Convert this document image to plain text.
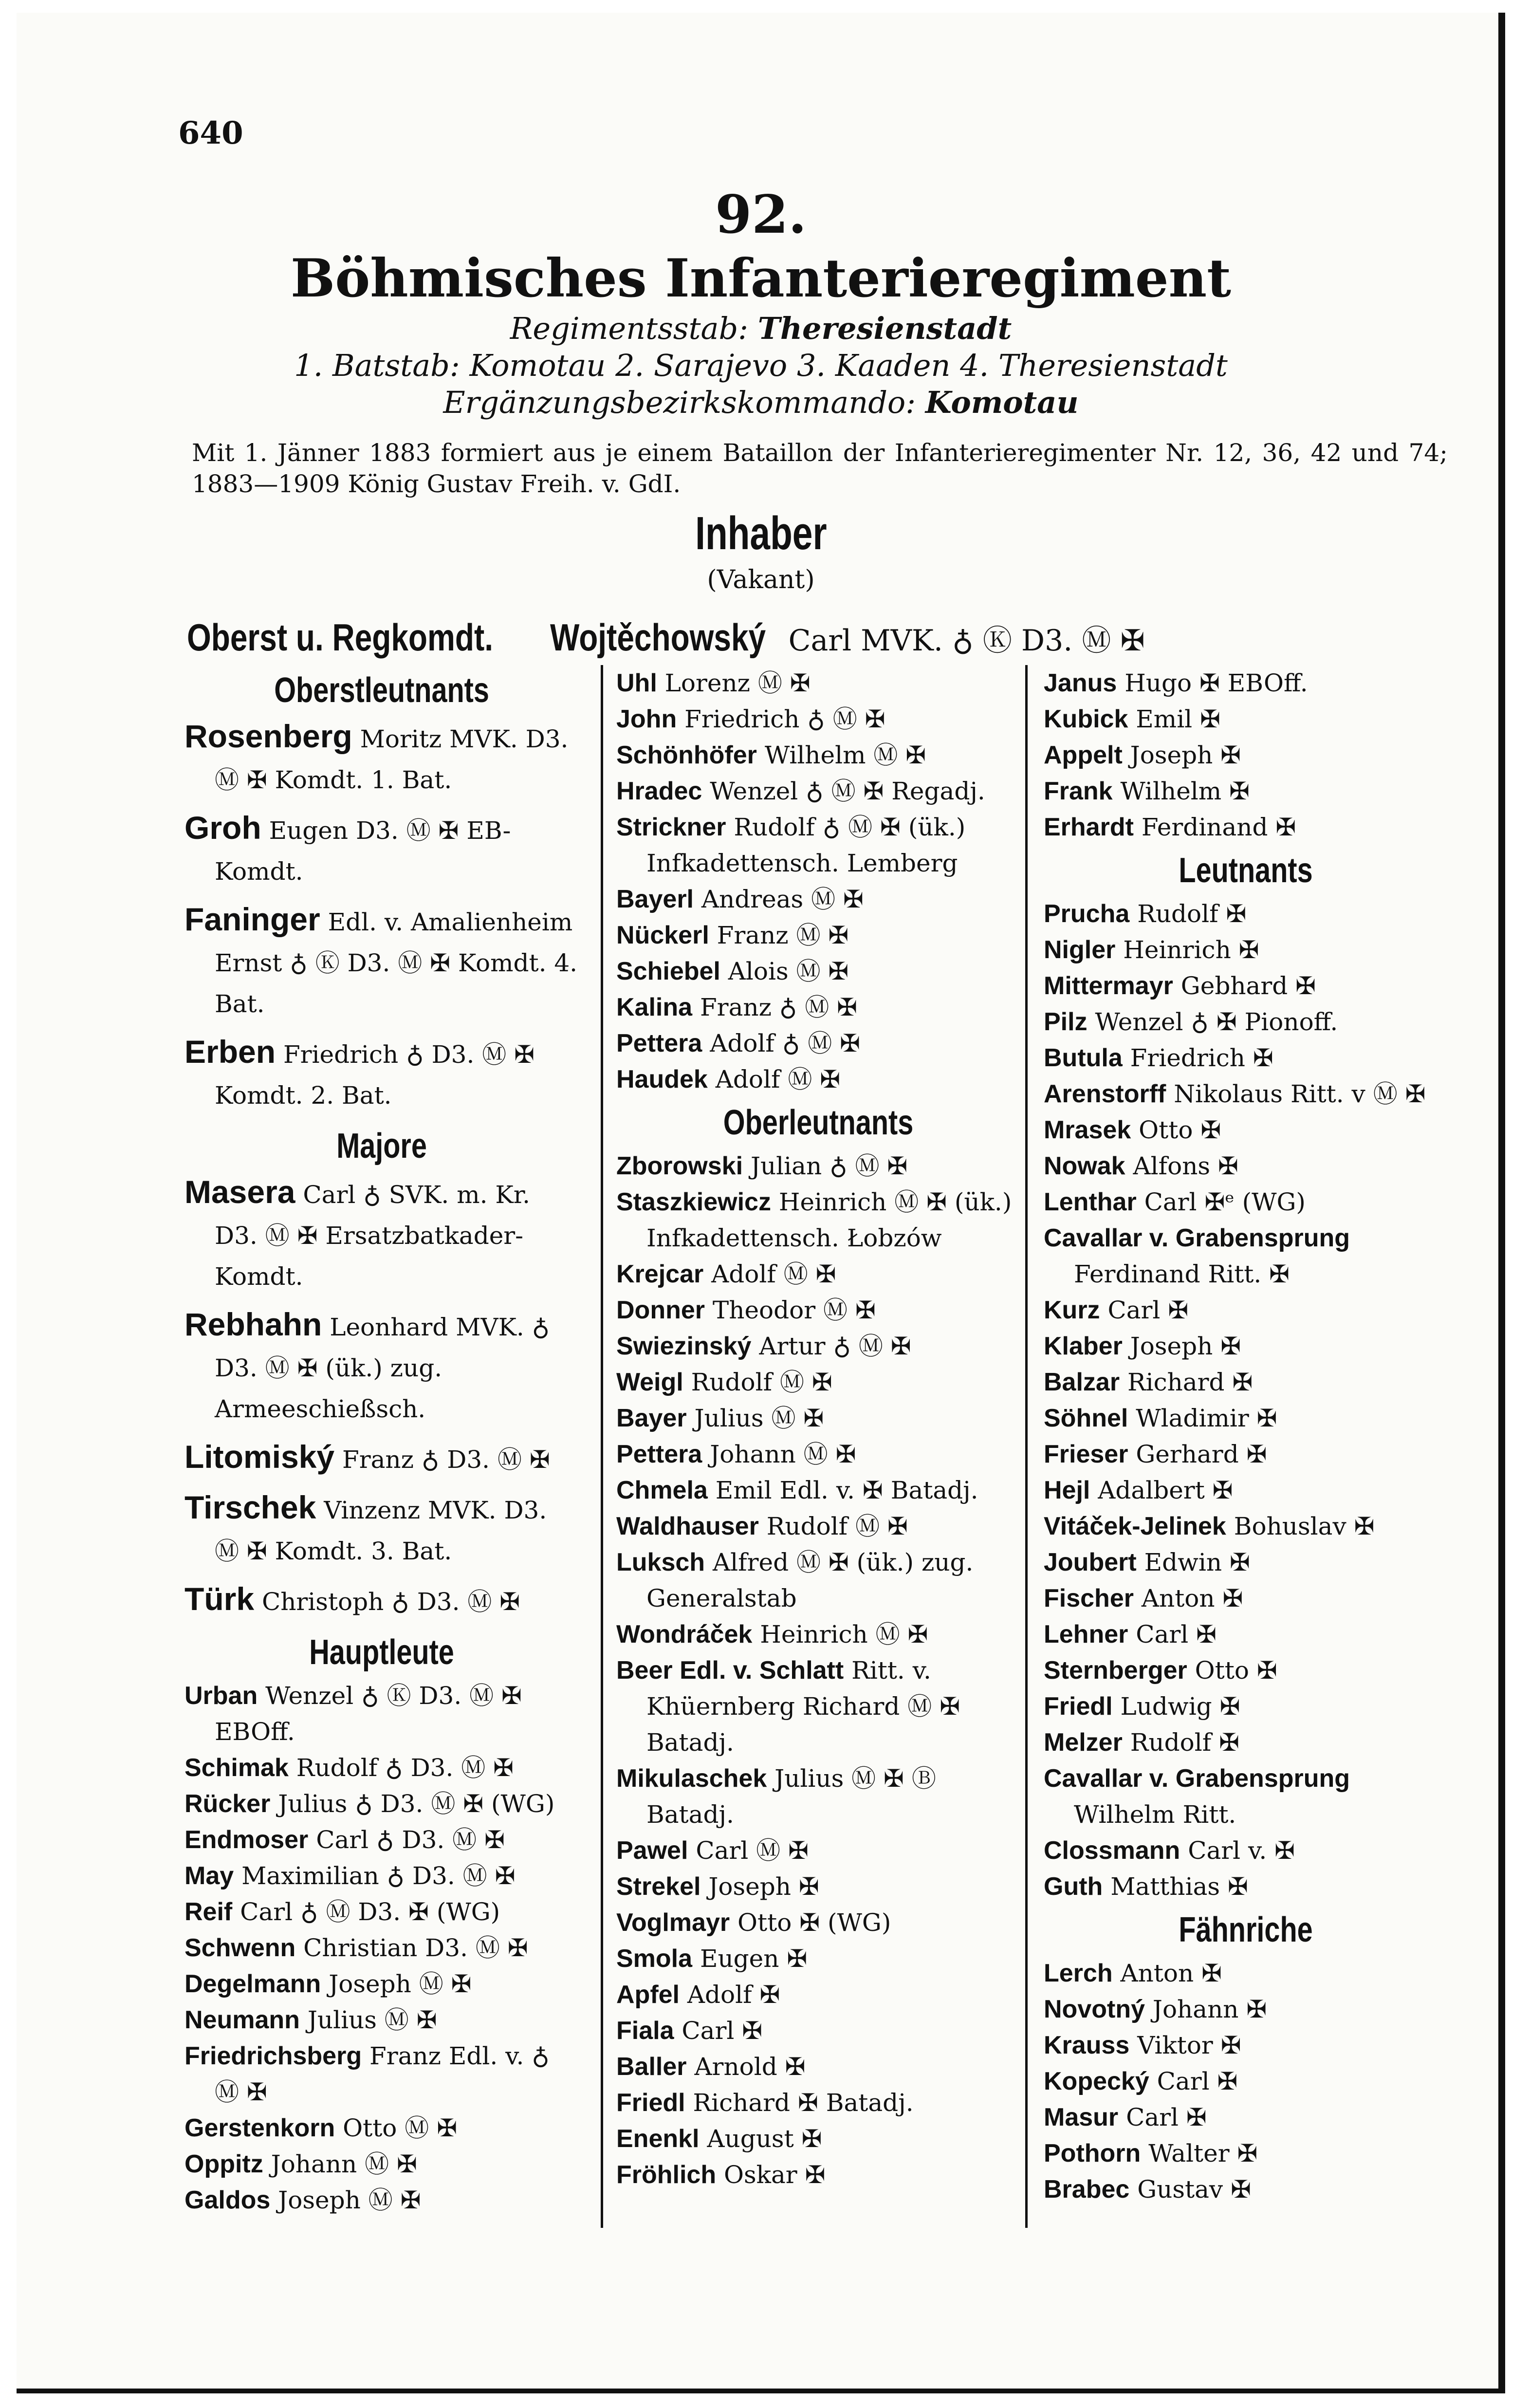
640
92.
Böhmisches Infanterieregiment
Regimentsstab: Theresienstadt
1. Batstab: Komotau 2. Sarajevo 3. Kaaden 4. Theresienstadt
Ergänzungsbezirkskommando: Komotau
Mit 1. Jänner 1883 formiert aus je einem Bataillon der Infanterieregimenter Nr. 12, 36, 42 und 74; 1883—1909 König Gustav Freih. v. GdI.
Inhaber
(Vakant)
Oberst u. Regkomdt. Wojtěchowský Carl MVK. ♁ Ⓚ D3. Ⓜ ✠
Oberstleutnants

Rosenberg Moritz MVK. D3. Ⓜ ✠ Komdt. 1. Bat.

Groh Eugen D3. Ⓜ ✠ EB-Komdt.

Faninger Edl. v. Amalienheim Ernst ♁ Ⓚ D3. Ⓜ ✠ Komdt. 4. Bat.

Erben Friedrich ♁ D3. Ⓜ ✠ Komdt. 2. Bat.

Majore

Masera Carl ♁ SVK. m. Kr. D3. Ⓜ ✠ Ersatzbatkader-Komdt.

Rebhahn Leonhard MVK. ♁ D3. Ⓜ ✠ (ük.) zug. Armeeschießsch.

Litomiský Franz ♁ D3. Ⓜ ✠

Tirschek Vinzenz MVK. D3. Ⓜ ✠ Komdt. 3. Bat.

Türk Christoph ♁ D3. Ⓜ ✠

Hauptleute

Urban Wenzel ♁ Ⓚ D3. Ⓜ ✠ EBOff.

Schimak Rudolf ♁ D3. Ⓜ ✠

Rücker Julius ♁ D3. Ⓜ ✠ (WG)

Endmoser Carl ♁ D3. Ⓜ ✠

May Maximilian ♁ D3. Ⓜ ✠

Reif Carl ♁ Ⓜ D3. ✠ (WG)

Schwenn Christian D3. Ⓜ ✠

Degelmann Joseph Ⓜ ✠

Neumann Julius Ⓜ ✠

Friedrichsberg Franz Edl. v. ♁ Ⓜ ✠

Gerstenkorn Otto Ⓜ ✠

Oppitz Johann Ⓜ ✠

Galdos Joseph Ⓜ ✠

Uhl Lorenz Ⓜ ✠

John Friedrich ♁ Ⓜ ✠

Schönhöfer Wilhelm Ⓜ ✠

Hradec Wenzel ♁ Ⓜ ✠ Regadj.

Strickner Rudolf ♁ Ⓜ ✠ (ük.) Infkadettensch. Lemberg

Bayerl Andreas Ⓜ ✠

Nückerl Franz Ⓜ ✠

Schiebel Alois Ⓜ ✠

Kalina Franz ♁ Ⓜ ✠

Pettera Adolf ♁ Ⓜ ✠

Haudek Adolf Ⓜ ✠

Oberleutnants

Zborowski Julian ♁ Ⓜ ✠

Staszkiewicz Heinrich Ⓜ ✠ (ük.) Infkadettensch. Łobzów

Krejcar Adolf Ⓜ ✠

Donner Theodor Ⓜ ✠

Swiezinský Artur ♁ Ⓜ ✠

Weigl Rudolf Ⓜ ✠

Bayer Julius Ⓜ ✠

Pettera Johann Ⓜ ✠

Chmela Emil Edl. v. ✠ Batadj.

Waldhauser Rudolf Ⓜ ✠

Luksch Alfred Ⓜ ✠ (ük.) zug. Generalstab

Wondráček Heinrich Ⓜ ✠

Beer Edl. v. Schlatt Ritt. v. Khüernberg Richard Ⓜ ✠ Batadj.

Mikulaschek Julius Ⓜ ✠ Ⓑ Batadj.

Pawel Carl Ⓜ ✠

Strekel Joseph ✠

Voglmayr Otto ✠ (WG)

Smola Eugen ✠

Apfel Adolf ✠

Fiala Carl ✠

Baller Arnold ✠

Friedl Richard ✠ Batadj.

Enenkl August ✠

Fröhlich Oskar ✠

Janus Hugo ✠ EBOff.

Kubick Emil ✠

Appelt Joseph ✠

Frank Wilhelm ✠

Erhardt Ferdinand ✠

Leutnants

Prucha Rudolf ✠

Nigler Heinrich ✠

Mittermayr Gebhard ✠

Pilz Wenzel ♁ ✠ Pionoff.

Butula Friedrich ✠

Arenstorff Nikolaus Ritt. v Ⓜ ✠

Mrasek Otto ✠

Nowak Alfons ✠

Lenthar Carl ✠ᵉ (WG)

Cavallar v. Grabensprung Ferdinand Ritt. ✠

Kurz Carl ✠

Klaber Joseph ✠

Balzar Richard ✠

Söhnel Wladimir ✠

Frieser Gerhard ✠

Hejl Adalbert ✠

Vitáček-Jelinek Bohuslav ✠

Joubert Edwin ✠

Fischer Anton ✠

Lehner Carl ✠

Sternberger Otto ✠

Friedl Ludwig ✠

Melzer Rudolf ✠

Cavallar v. Grabensprung Wilhelm Ritt.

Clossmann Carl v. ✠

Guth Matthias ✠

Fähnriche

Lerch Anton ✠

Novotný Johann ✠

Krauss Viktor ✠

Kopecký Carl ✠

Masur Carl ✠

Pothorn Walter ✠

Brabec Gustav ✠
